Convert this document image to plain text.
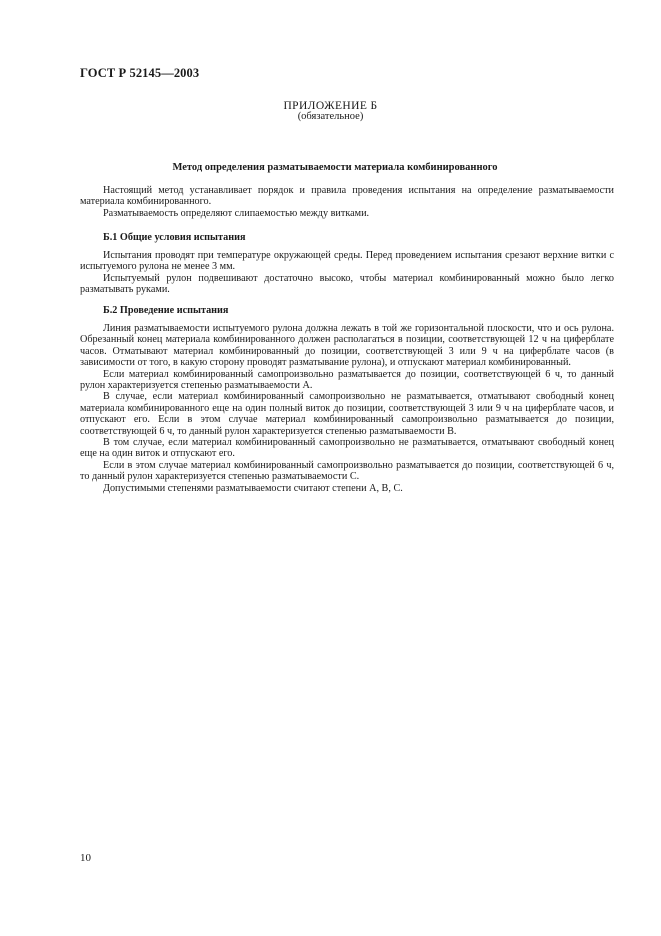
ГОСТ Р 52145—2003
ПРИЛОЖЕНИЕ Б
(обязательное)
Метод определения разматываемости материала комбинированного

Настоящий метод устанавливает порядок и правила проведения испытания на определение разматываемости материала комбинированного.

Разматываемость определяют слипаемостью между витками.

Б.1 Общие условия испытания

Испытания проводят при температуре окружающей среды. Перед проведением испытания срезают верхние витки с испытуемого рулона не менее 3 мм.

Испытуемый рулон подвешивают достаточно высоко, чтобы материал комбинированный можно было легко разматывать руками.

Б.2 Проведение испытания

Линия разматываемости испытуемого рулона должна лежать в той же горизонтальной плоскости, что и ось рулона. Обрезанный конец материала комбинированного должен располагаться в позиции, соответствующей 12 ч на циферблате часов. Отматывают материал комбинированный до позиции, соответствующей 3 или 9 ч на циферблате часов (в зависимости от того, в какую сторону проводят разматывание рулона), и отпускают материал комбинированный.

Если материал комбинированный самопроизвольно разматывается до позиции, соответствующей 6 ч, то данный рулон характеризуется степенью разматываемости А.

В случае, если материал комбинированный самопроизвольно не разматывается, отматывают свободный конец материала комбинированного еще на один полный виток до позиции, соответствующей 3 или 9 ч на циферблате часов, и отпускают его. Если в этом случае материал комбинированный самопроизвольно разматывается до позиции, соответствующей 6 ч, то данный рулон характеризуется степенью разматываемости В.

В том случае, если материал комбинированный самопроизвольно не разматывается, отматывают свободный конец еще на один виток и отпускают его.

Если в этом случае материал комбинированный самопроизвольно разматывается до позиции, соответствующей 6 ч, то данный рулон характеризуется степенью разматываемости С.

Допустимыми степенями разматываемости считают степени А, В, С.

10
